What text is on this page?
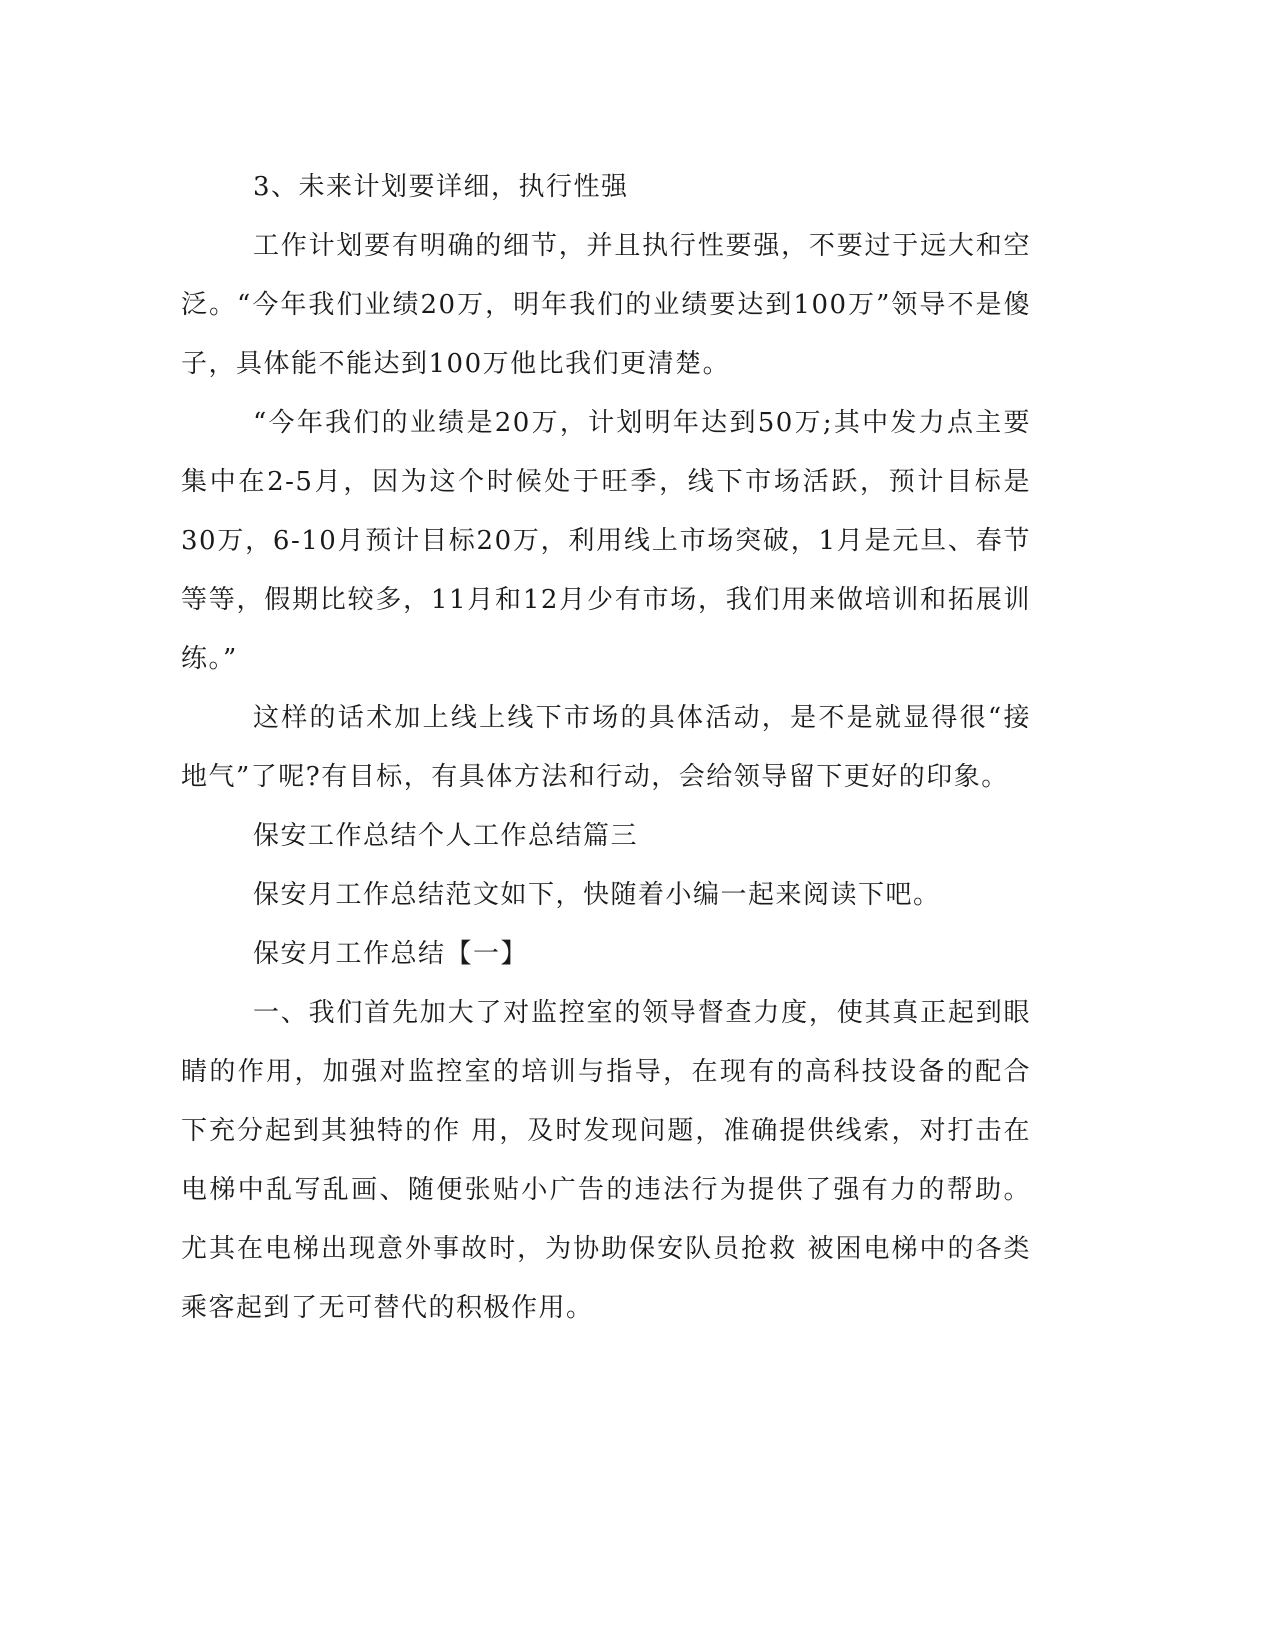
3、未来计划要详细，执行性强

工作计划要有明确的细节，并且执行性要强，不要过于远大和空泛。“今年我们业绩20万，明年我们的业绩要达到100万”领导不是傻子，具体能不能达到100万他比我们更清楚。

“今年我们的业绩是20万，计划明年达到50万;其中发力点主要集中在2-5月，因为这个时候处于旺季，线下市场活跃，预计目标是30万，6-10月预计目标20万，利用线上市场突破，1月是元旦、春节等等，假期比较多，11月和12月少有市场，我们用来做培训和拓展训练。”

这样的话术加上线上线下市场的具体活动，是不是就显得很“接地气”了呢?有目标，有具体方法和行动，会给领导留下更好的印象。

保安工作总结个人工作总结篇三

保安月工作总结范文如下，快随着小编一起来阅读下吧。

保安月工作总结【一】

一、我们首先加大了对监控室的领导督查力度，使其真正起到眼睛的作用，加强对监控室的培训与指导，在现有的高科技设备的配合下充分起到其独特的作 用，及时发现问题，准确提供线索，对打击在电梯中乱写乱画、随便张贴小广告的违法行为提供了强有力的帮助。尤其在电梯出现意外事故时，为协助保安队员抢救 被困电梯中的各类乘客起到了无可替代的积极作用。
